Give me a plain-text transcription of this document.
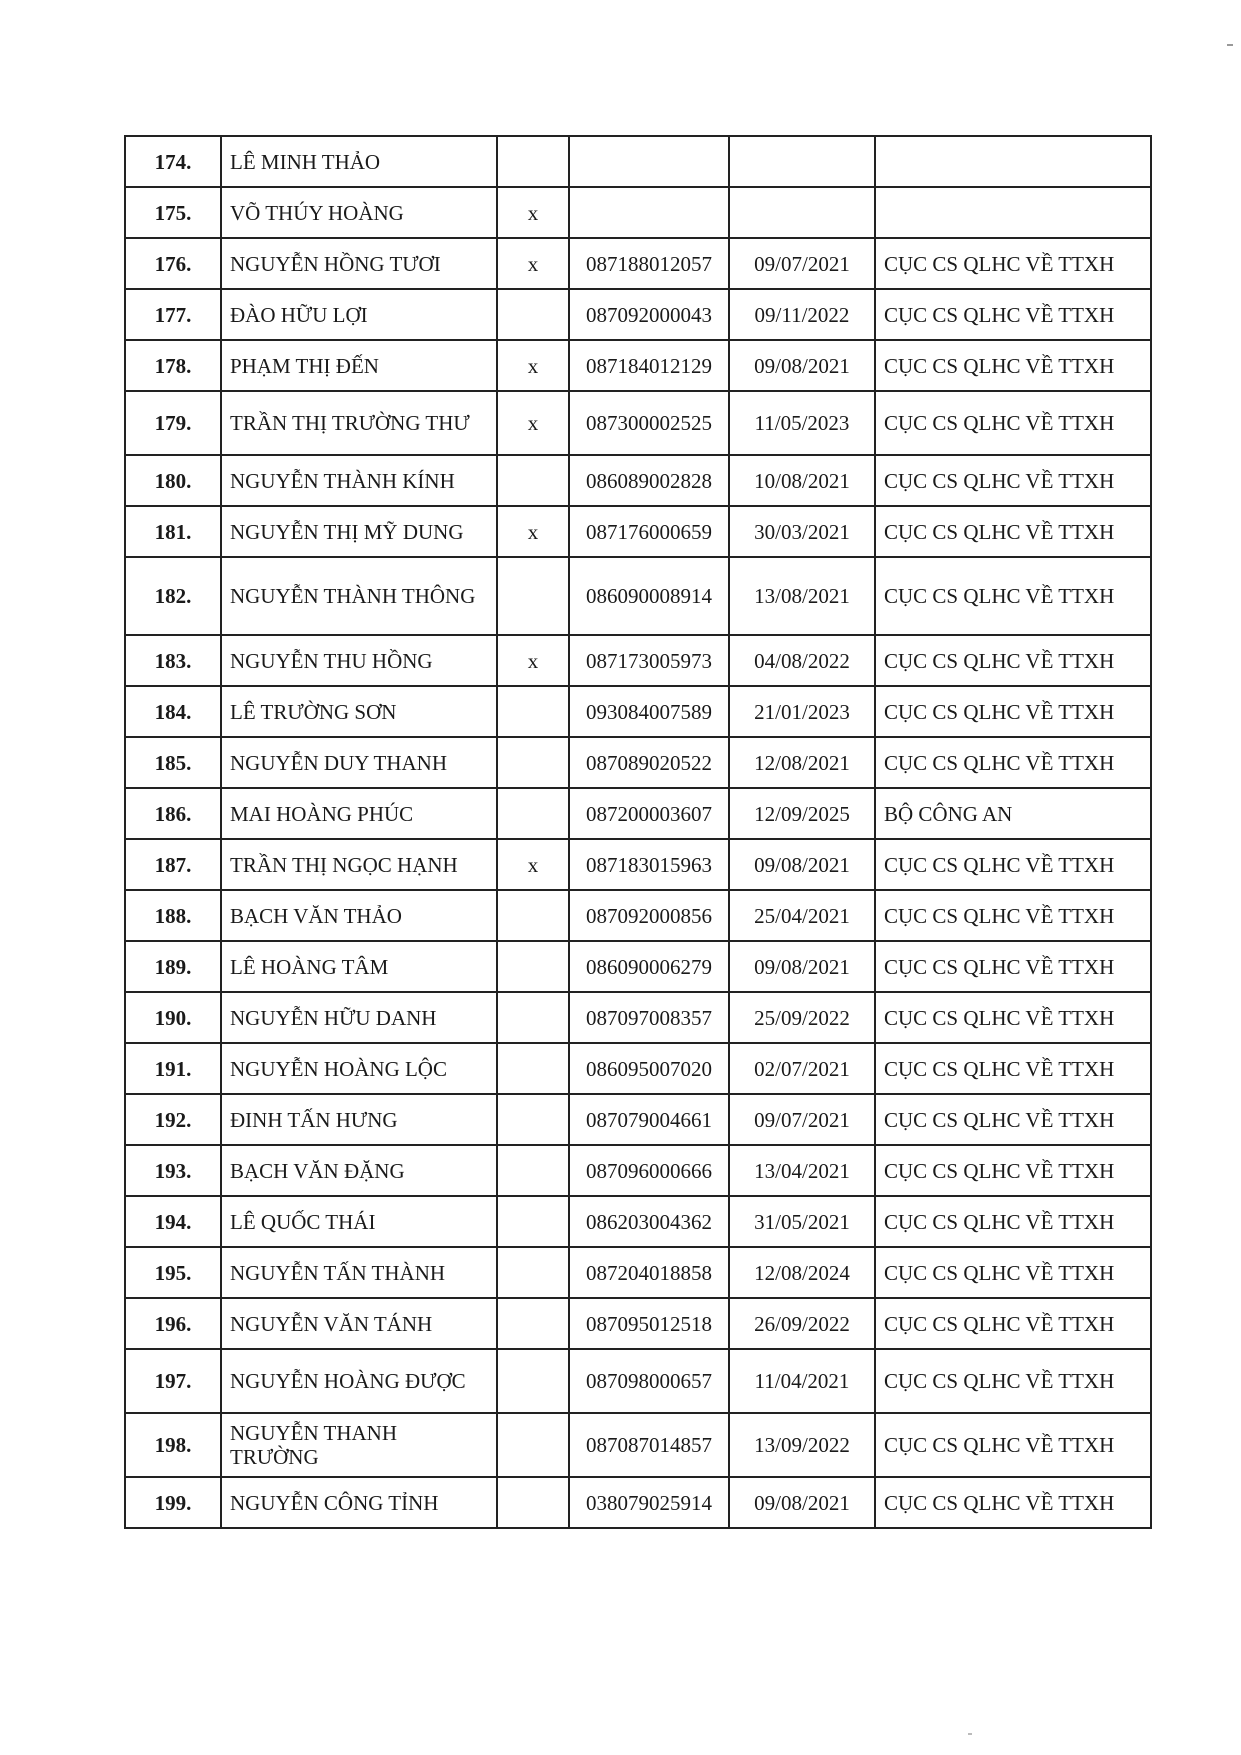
174.	LÊ MINH THẢO				
175.	VÕ THÚY HOÀNG	x			
176.	NGUYỄN HỒNG TƯƠI	x	087188012057	09/07/2021	CỤC CS QLHC VỀ TTXH
177.	ĐÀO HỮU LỢI		087092000043	09/11/2022	CỤC CS QLHC VỀ TTXH
178.	PHẠM THỊ ĐẾN	x	087184012129	09/08/2021	CỤC CS QLHC VỀ TTXH
179.	TRẦN THỊ TRƯỜNG THƯ	x	087300002525	11/05/2023	CỤC CS QLHC VỀ TTXH
180.	NGUYỄN THÀNH KÍNH		086089002828	10/08/2021	CỤC CS QLHC VỀ TTXH
181.	NGUYỄN THỊ MỸ DUNG	x	087176000659	30/03/2021	CỤC CS QLHC VỀ TTXH
182.	NGUYỄN THÀNH THÔNG		086090008914	13/08/2021	CỤC CS QLHC VỀ TTXH
183.	NGUYỄN THU HỒNG	x	087173005973	04/08/2022	CỤC CS QLHC VỀ TTXH
184.	LÊ TRƯỜNG SƠN		093084007589	21/01/2023	CỤC CS QLHC VỀ TTXH
185.	NGUYỄN DUY THANH		087089020522	12/08/2021	CỤC CS QLHC VỀ TTXH
186.	MAI HOÀNG PHÚC		087200003607	12/09/2025	BỘ CÔNG AN
187.	TRẦN THỊ NGỌC HẠNH	x	087183015963	09/08/2021	CỤC CS QLHC VỀ TTXH
188.	BẠCH VĂN THẢO		087092000856	25/04/2021	CỤC CS QLHC VỀ TTXH
189.	LÊ HOÀNG TÂM		086090006279	09/08/2021	CỤC CS QLHC VỀ TTXH
190.	NGUYỄN HỮU DANH		087097008357	25/09/2022	CỤC CS QLHC VỀ TTXH
191.	NGUYỄN HOÀNG LỘC		086095007020	02/07/2021	CỤC CS QLHC VỀ TTXH
192.	ĐINH TẤN HƯNG		087079004661	09/07/2021	CỤC CS QLHC VỀ TTXH
193.	BẠCH VĂN ĐẶNG		087096000666	13/04/2021	CỤC CS QLHC VỀ TTXH
194.	LÊ QUỐC THÁI		086203004362	31/05/2021	CỤC CS QLHC VỀ TTXH
195.	NGUYỄN TẤN THÀNH		087204018858	12/08/2024	CỤC CS QLHC VỀ TTXH
196.	NGUYỄN VĂN TÁNH		087095012518	26/09/2022	CỤC CS QLHC VỀ TTXH
197.	NGUYỄN HOÀNG ĐƯỢC		087098000657	11/04/2021	CỤC CS QLHC VỀ TTXH
198.	NGUYỄN THANH TRƯỜNG		087087014857	13/09/2022	CỤC CS QLHC VỀ TTXH
199.	NGUYỄN CÔNG TỈNH		038079025914	09/08/2021	CỤC CS QLHC VỀ TTXH
